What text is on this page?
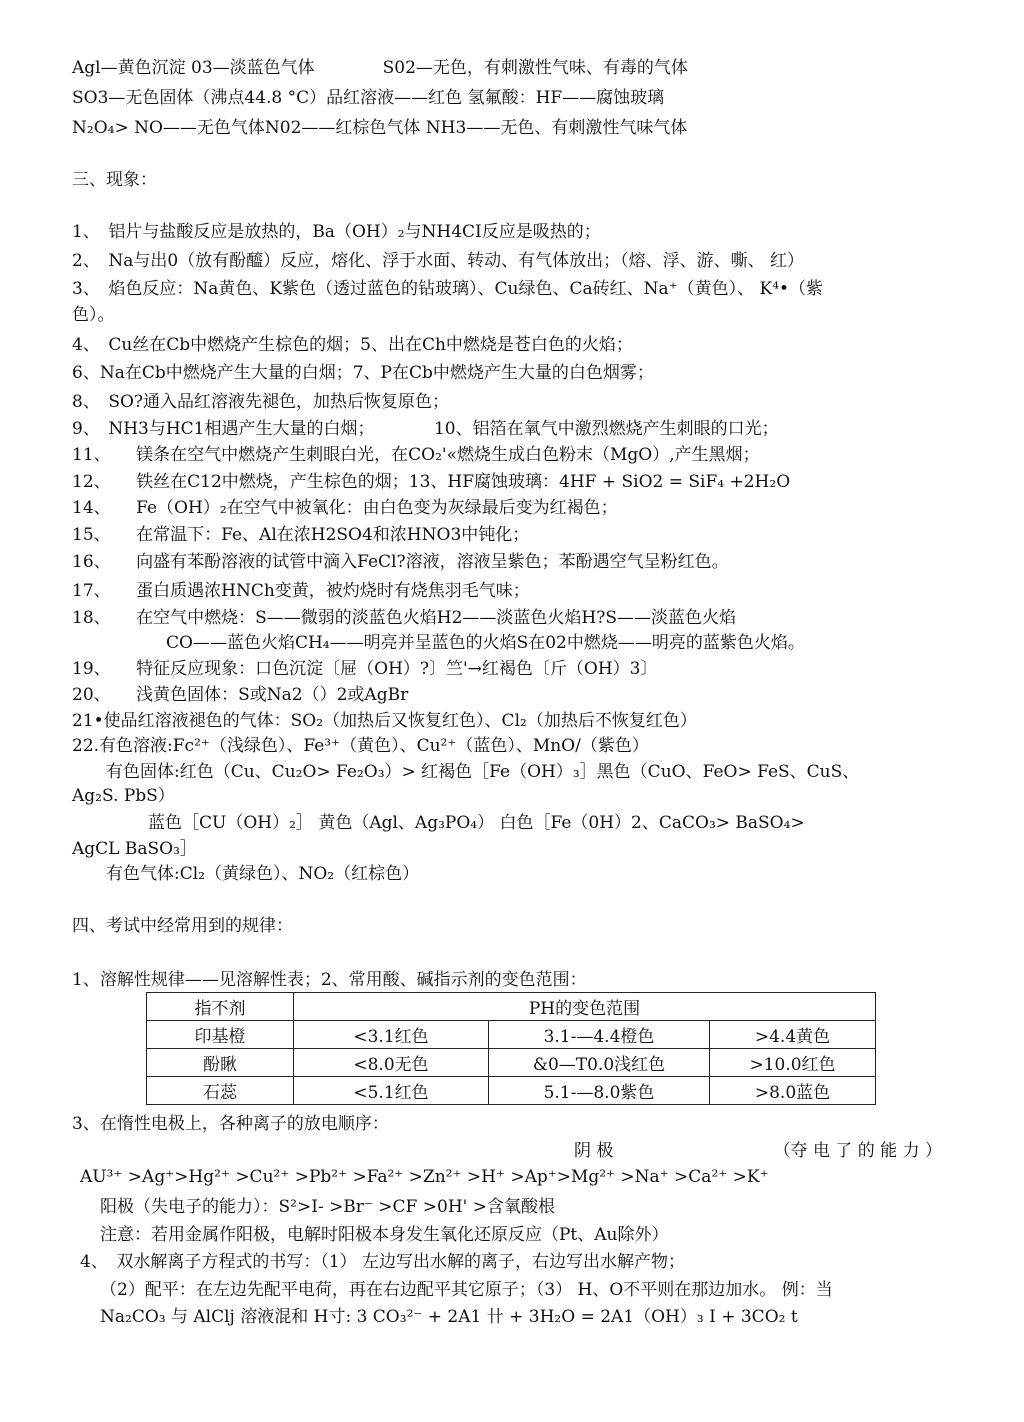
Agl—黄色沉淀 03—淡蓝色气体　　　　S02—无色，有刺激性气味、有毒的气体

SO3—无色固体（沸点44.8 °C）品红溶液——红色 氢氟酸：HF——腐蚀玻璃

N₂O₄> NO——无色气体N02——红棕色气体 NH3——无色、有刺激性气味气体

三、现象：

1、　铝片与盐酸反应是放热的，Ba（OH）₂与NH4CI反应是吸热的；

2、　Na与出0（放有酚醯）反应，熔化、浮于水面、转动、有气体放出；（熔、浮、游、嘶、 红）

3、　焰色反应：Na黄色、K紫色（透过蓝色的钻玻璃）、Cu绿色、Ca砖红、Na⁺（黄色）、 K⁴•（紫

色）。

4、　Cu丝在Cb中燃烧产生棕色的烟；5、出在Ch中燃烧是苍白色的火焰；

6、Na在Cb中燃烧产生大量的白烟；7、P在Cb中燃烧产生大量的白色烟雾；

8、　SO?通入品红溶液先褪色，加热后恢复原色；

9、　NH3与HC1相遇产生大量的白烟；　　　　10、铝箔在氧气中激烈燃烧产生刺眼的口光；

11、　　镁条在空气中燃烧产生刺眼白光，在CO₂'«燃烧生成白色粉末（MgO）,产生黑烟；

12、　　铁丝在C12中燃烧，产生棕色的烟；13、HF腐蚀玻璃：4HF + SiO2 = SiF₄ +2H₂O

14、　　Fe（OH）₂在空气中被氧化：由白色变为灰绿最后变为红褐色；

15、　　在常温下：Fe、Al在浓H2SO4和浓HNO3中钝化；

16、　　向盛有苯酚溶液的试管中滴入FeCl?溶液，溶液呈紫色；苯酚遇空气呈粉红色。

17、　　蛋白质遇浓HNCh变黄，被灼烧时有烧焦羽毛气味；

18、　　在空气中燃烧：S——微弱的淡蓝色火焰H2——淡蓝色火焰H?S——淡蓝色火焰

CO——蓝色火焰CH₄——明亮并呈蓝色的火焰S在02中燃烧——明亮的蓝紫色火焰。

19、　　特征反应现象：口色沉淀〔屉（OH）?〕竺'→红褐色〔斤（OH）3〕

20、　　浅黄色固体：S或Na2（）2或AgBr

21•使品红溶液褪色的气体：SO₂（加热后又恢复红色）、Cl₂（加热后不恢复红色）

22.有色溶液:Fc²⁺（浅绿色）、Fe³⁺（黄色）、Cu²⁺（蓝色）、MnO/（紫色）

有色固体:红色（Cu、Cu₂O> Fe₂O₃）> 红褐色［Fe（OH）₃］黑色（CuO、FeO> FeS、CuS、

Ag₂S. PbS）

蓝色［CU（OH）₂］ 黄色（Agl、Ag₃PO₄） 白色［Fe（0H）2、CaCO₃> BaSO₄>

AgCL BaSO₃］

有色气体:Cl₂（黄绿色）、NO₂（红棕色）

四、考试中经常用到的规律：

1、溶解性规律——见溶解性表；2、常用酸、碱指示剂的变色范围：

指不剂	PH的变色范围		
印基橙	<3.1红色	3.1-—4.4橙色	>4.4黄色
酚瞅	<8.0无色	&0—T0.0浅红色	>10.0红色
石蕊	<5.1红色	5.1-—8.0紫色	>8.0蓝色

3、在惰性电极上，各种离子的放电顺序：

阴 极	（夺 电 了 的 能 力 ）

AU³⁺ >Ag⁺>Hg²⁺ >Cu²⁺ >Pb²⁺ >Fa²⁺ >Zn²⁺ >H⁺ >Ap⁺>Mg²⁺ >Na⁺ >Ca²⁺ >K⁺

阳极（失电子的能力）：S²>I- >Br⁻ >CF >0H' >含氧酸根

注意：若用金属作阳极，电解时阳极本身发生氧化还原反应（Pt、Au除外）

4、　双水解离子方程式的书写：（1） 左边写出水解的离子，右边写出水解产物；

（2）配平：在左边先配平电荷，再在右边配平其它原子；（3） H、O不平则在那边加水。 例：当

Na₂CO₃ 与 AlClj 溶液混和 H寸: 3 CO₃²⁻ + 2A1 卄 + 3H₂O = 2A1（OH）₃ I + 3CO₂ t
